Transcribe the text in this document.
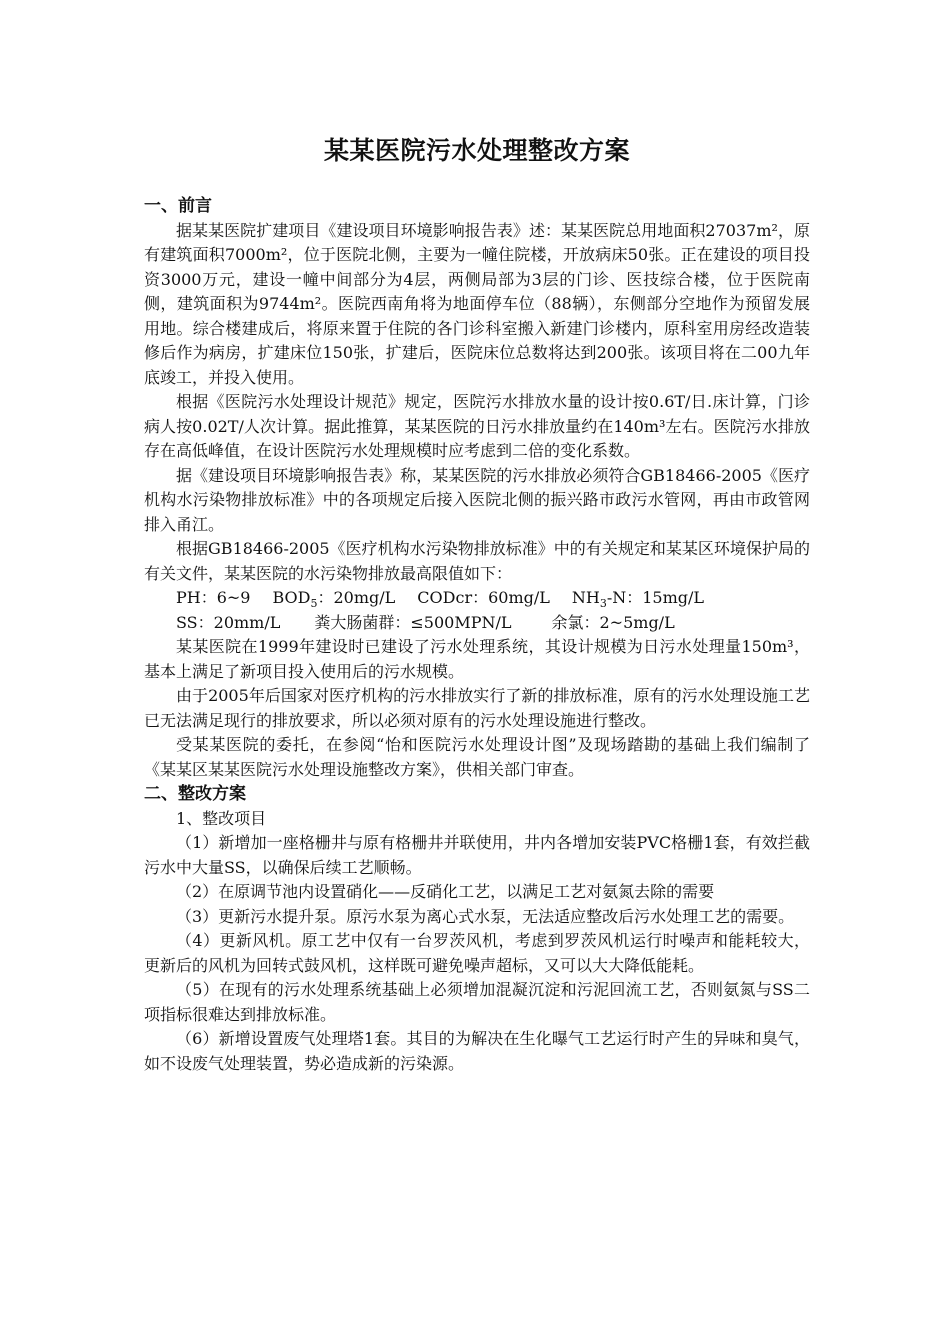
某某医院污水处理整改方案

一、前言

据某某医院扩建项目《建设项目环境影响报告表》述：某某医院总用地面积27037m²，原有建筑面积7000m²，位于医院北侧，主要为一幢住院楼，开放病床50张。正在建设的项目投资3000万元，建设一幢中间部分为4层，两侧局部为3层的门诊、医技综合楼，位于医院南侧，建筑面积为9744m²。医院西南角将为地面停车位（88辆），东侧部分空地作为预留发展用地。综合楼建成后，将原来置于住院的各门诊科室搬入新建门诊楼内，原科室用房经改造装修后作为病房，扩建床位150张，扩建后，医院床位总数将达到200张。该项目将在二00九年底竣工，并投入使用。

根据《医院污水处理设计规范》规定，医院污水排放水量的设计按0.6T/日.床计算，门诊病人按0.02T/人次计算。据此推算，某某医院的日污水排放量约在140m³左右。医院污水排放存在高低峰值，在设计医院污水处理规模时应考虑到二倍的变化系数。

据《建设项目环境影响报告表》称，某某医院的污水排放必须符合GB18466-2005《医疗机构水污染物排放标准》中的各项规定后接入医院北侧的振兴路市政污水管网，再由市政管网排入甬江。

根据GB18466-2005《医疗机构水污染物排放标准》中的有关规定和某某区环境保护局的有关文件，某某医院的水污染物排放最高限值如下：

PH：6~9 $BOD_5$：20mg/L CODcr：60mg/L $NH_3-N$：15mg/L

SS：20mm/L 粪大肠菌群：≤500MPN/L	余氯：2~5mg/L

某某医院在1999年建设时已建设了污水处理系统，其设计规模为日污水处理量150m³，基本上满足了新项目投入使用后的污水规模。

由于2005年后国家对医疗机构的污水排放实行了新的排放标准，原有的污水处理设施工艺已无法满足现行的排放要求，所以必须对原有的污水处理设施进行整改。

受某某医院的委托，在参阅“怡和医院污水处理设计图”及现场踏勘的基础上我们编制了《某某区某某医院污水处理设施整改方案》，供相关部门审查。

二、整改方案

1、整改项目

（1）新增加一座格栅井与原有格栅井并联使用，井内各增加安装PVC格栅1套，有效拦截污水中大量SS，以确保后续工艺顺畅。

（2）在原调节池内设置硝化——反硝化工艺，以满足工艺对氨氮去除的需要

（3）更新污水提升泵。原污水泵为离心式水泵，无法适应整改后污水处理工艺的需要。

（4）更新风机。原工艺中仅有一台罗茨风机，考虑到罗茨风机运行时噪声和能耗较大，更新后的风机为回转式鼓风机，这样既可避免噪声超标，又可以大大降低能耗。

（5）在现有的污水处理系统基础上必须增加混凝沉淀和污泥回流工艺，否则氨氮与SS二项指标很难达到排放标准。

（6）新增设置废气处理塔1套。其目的为解决在生化曝气工艺运行时产生的异味和臭气，如不设废气处理装置，势必造成新的污染源。
